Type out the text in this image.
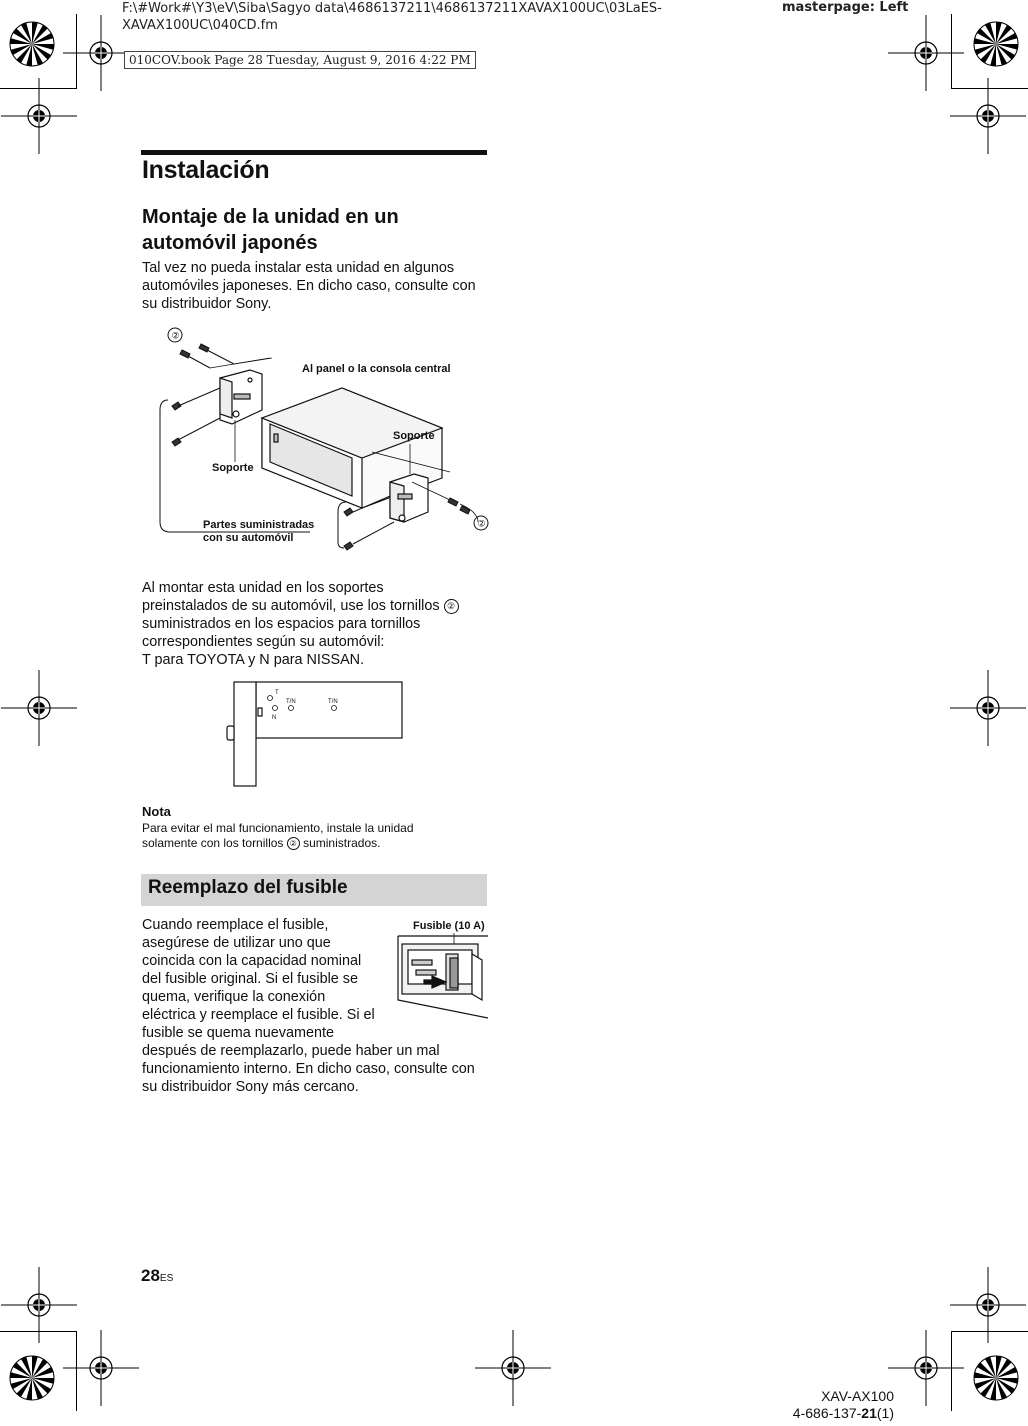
F:\#Work#\Y3\eV\Siba\Sagyo data\4686137211\4686137211XAVAX100UC\03LaES-
XAVAX100UC\040CD.fm
masterpage: Left
010COV.book Page 28 Tuesday, August 9, 2016 4:22 PM
Instalación
Montaje de la unidad en un automóvil japonés
Tal vez no pueda instalar esta unidad en algunos automóviles japoneses. En dicho caso, consulte con su distribuidor Sony.
②
②
Al panel o la consola central
Soporte
Soporte
Partes suministradas
con su automóvil
Al montar esta unidad en los soportes
preinstalados de su automóvil, use los tornillos ②
suministrados en los espacios para tornillos
correspondientes según su automóvil:
T para TOYOTA y N para NISSAN.
T
T/N	T/N
N
Nota
Para evitar el mal funcionamiento, instale la unidad
solamente con los tornillos ② suministrados.
Reemplazo del fusible
Cuando reemplace el fusible, asegúrese de utilizar uno que coincida con la capacidad nominal del fusible original. Si el fusible se quema, verifique la conexión eléctrica y reemplace el fusible. Si el fusible se quema nuevamente
después de reemplazarlo, puede haber un mal funcionamiento interno. En dicho caso, consulte con su distribuidor Sony más cercano.
Fusible (10 A)
28ES
XAV-AX100
4-686-137-21(1)
